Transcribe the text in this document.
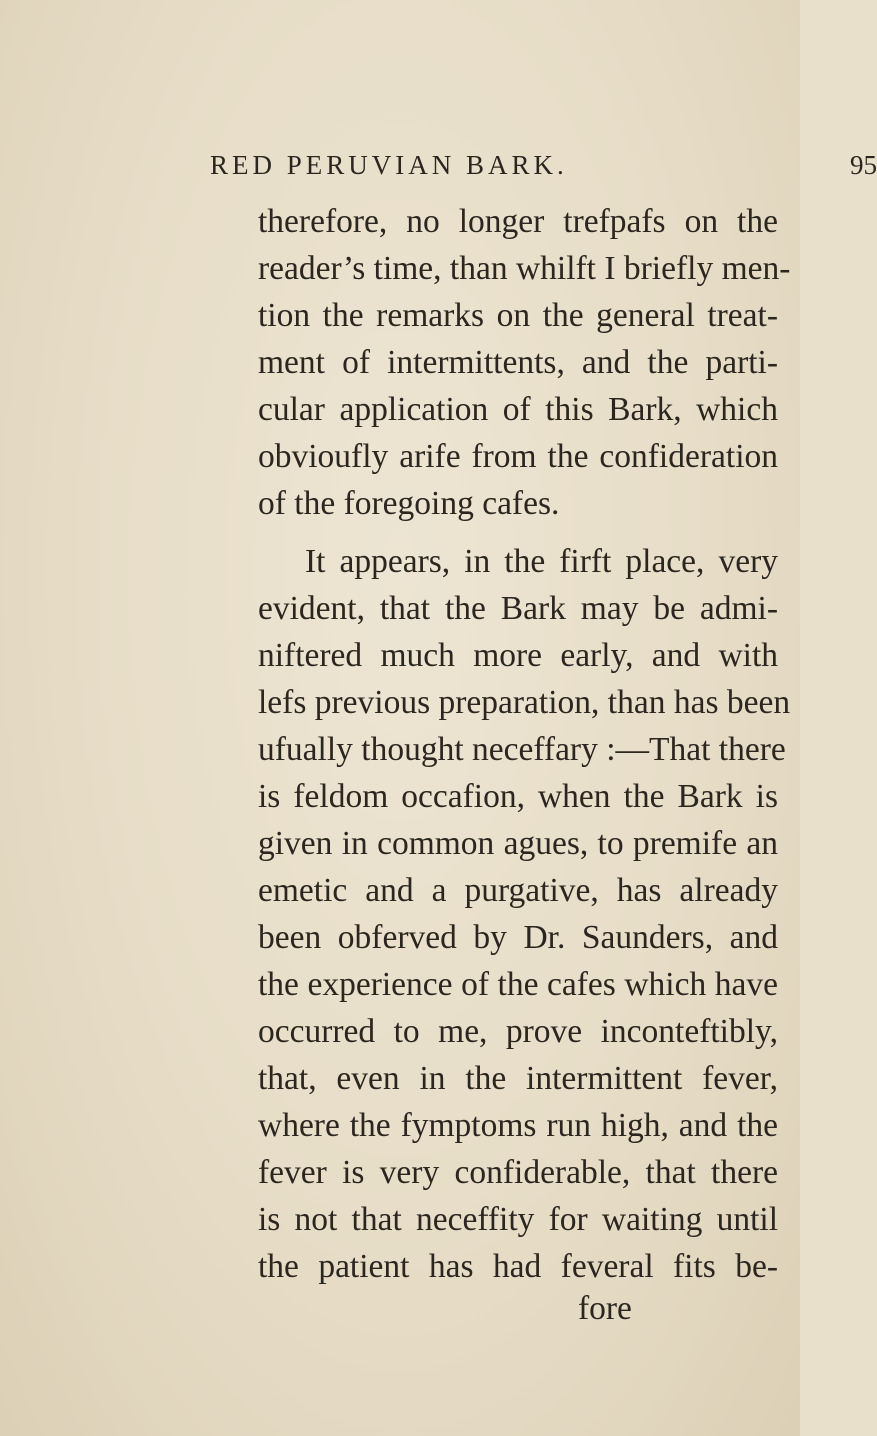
RED PERUVIAN BARK.	95
therefore, no longer trefpafs on the
reader’s time, than whilft I briefly men-
tion the remarks on the general treat-
ment of intermittents, and the parti-
cular application of this Bark, which
obvioufly arife from the confideration
of the foregoing cafes.
It appears, in the firft place, very
evident, that the Bark may be admi-
niftered much more early, and with
lefs previous preparation, than has been
ufually thought neceffary :—That there
is feldom occafion, when the Bark is
given in common agues, to premife an
emetic and a purgative, has already
been obferved by Dr. Saunders, and
the experience of the cafes which have
occurred to me, prove inconteftibly,
that, even in the intermittent fever,
where the fymptoms run high, and the
fever is very confiderable, that there
is not that neceffity for waiting until
the patient has had feveral fits be-
fore
